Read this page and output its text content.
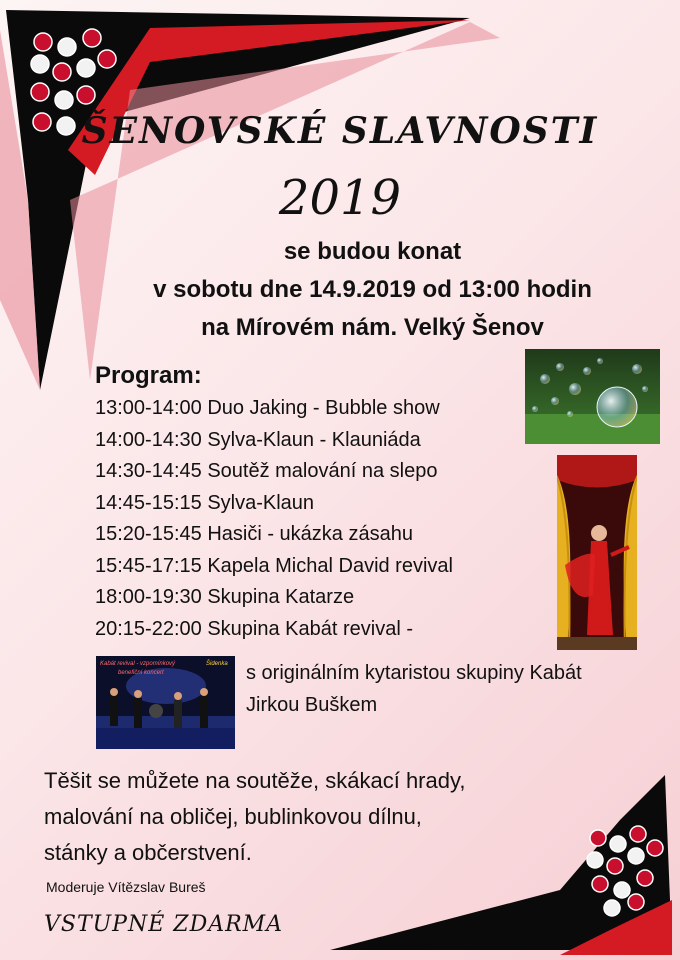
ŠENOVSKÉ SLAVNOSTI
2019
se budou konat
v sobotu dne 14.9.2019 od 13:00 hodin
na Mírovém nám. Velký Šenov
Program:
13:00-14:00 Duo Jaking - Bubble show
14:00-14:30 Sylva-Klaun - Klauniáda
14:30-14:45 Soutěž malování na slepo
14:45-15:15 Sylva-Klaun
15:20-15:45 Hasiči - ukázka zásahu
15:45-17:15 Kapela Michal David revival
18:00-19:30 Skupina Katarze
20:15-22:00 Skupina Kabát revival -
s originálním kytaristou skupiny Kabát
Jirkou Buškem
Kabát revival - vzpomínkový
benefiční koncert
Šidenka
Těšit se můžete na soutěže, skákací hrady,
malování na obličej, bublinkovou dílnu,
stánky a občerstvení.
Moderuje Vítězslav Bureš
VSTUPNÉ ZDARMA
